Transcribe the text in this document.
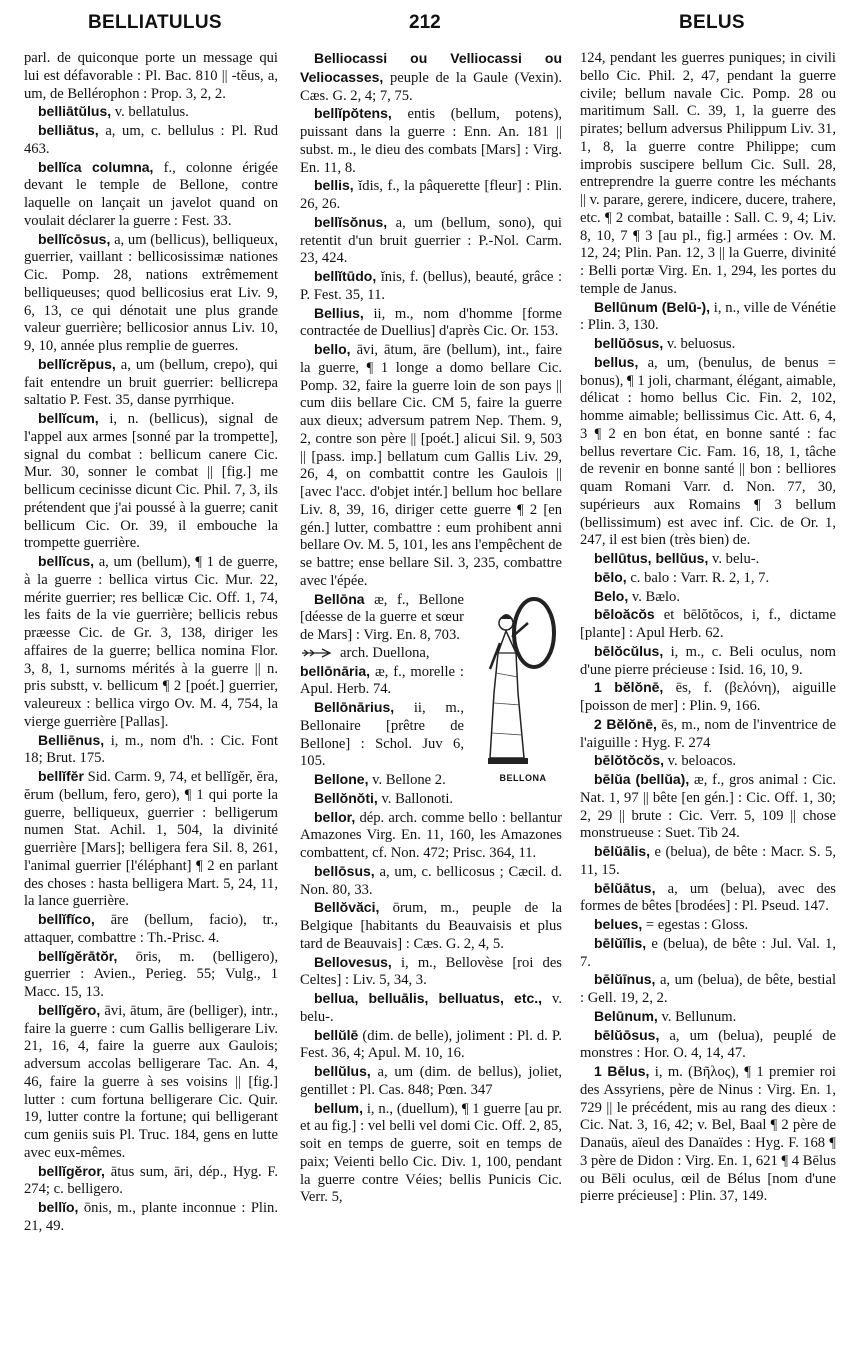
BELLIATULUS	212	BELUS

parl. de quiconque porte un message qui lui est défavorable : Pl. Bac. 810 || -tĕus, a, um, de Bellérophon : Prop. 3, 2, 2.

belliātŭlus, v. bellatulus.

belliātus, a, um, c. bellulus : Pl. Rud 463.

bellĭca columna, f., colonne érigée devant le temple de Bellone, contre laquelle on lançait un javelot quand on voulait déclarer la guerre : Fest. 33.

bellĭcōsus, a, um (bellicus), belliqueux, guerrier, vaillant : bellicosissimæ nationes Cic. Pomp. 28, nations extrêmement belliqueuses; quod bellicosius erat Liv. 9, 6, 13, ce qui dénotait une plus grande valeur guerrière; bellicosior annus Liv. 10, 9, 10, année plus remplie de guerres.

bellĭcrĕpus, a, um (bellum, crepo), qui fait entendre un bruit guerrier: bellicrepa saltatio P. Fest. 35, danse pyrrhique.

bellĭcum, i, n. (bellicus), signal de l'appel aux armes [sonné par la trompette], signal du combat : bellicum canere Cic. Mur. 30, sonner le combat || [fig.] me bellicum cecinisse dicunt Cic. Phil. 7, 3, ils prétendent que j'ai poussé à la guerre; canit bellicum Cic. Or. 39, il embouche la trompette guerrière.

bellĭcus, a, um (bellum), ¶ 1 de guerre, à la guerre : bellica virtus Cic. Mur. 22, mérite guerrier; res bellicæ Cic. Off. 1, 74, les faits de la vie guerrière; bellicis rebus præesse Cic. de Gr. 3, 138, diriger les affaires de la guerre; bellica nomina Flor. 3, 8, 1, surnoms mérités à la guerre || n. pris substt, v. bellicum ¶ 2 [poét.] guerrier, valeureux : bellica virgo Ov. M. 4, 754, la vierge guerrière [Pallas].

Belliēnus, i, m., nom d'h. : Cic. Font 18; Brut. 175.

bellĭfĕr Sid. Carm. 9, 74, et bellĭgĕr, ĕra, ĕrum (bellum, fero, gero), ¶ 1 qui porte la guerre, belliqueux, guerrier : belligerum numen Stat. Achil. 1, 504, la divinité guerrière [Mars]; belligera fera Sil. 8, 261, l'animal guerrier [l'éléphant] ¶ 2 en parlant des choses : hasta belligera Mart. 5, 24, 11, la lance guerrière.

bellĭfĭco, āre (bellum, facio), tr., attaquer, combattre : Th.-Prisc. 4.

bellĭgĕrātŏr, ōris, m. (belligero), guerrier : Avien., Perieg. 55; Vulg., 1 Macc. 15, 13.

bellĭgĕro, āvi, ātum, āre (belliger), intr., faire la guerre : cum Gallis belligerare Liv. 21, 16, 4, faire la guerre aux Gaulois; adversum accolas belligerare Tac. An. 4, 46, faire la guerre à ses voisins || [fig.] lutter : cum fortuna belligerare Cic. Quir. 19, lutter contre la fortune; qui belligerant cum geniis suis Pl. Truc. 184, gens en lutte avec eux-mêmes.

bellĭgĕror, ātus sum, āri, dép., Hyg. F. 274; c. belligero.

bellĭo, ōnis, m., plante inconnue : Plin. 21, 49.

Belliocassi ou Velliocassi ou Veliocasses, peuple de la Gaule (Vexin). Cæs. G. 2, 4; 7, 75.

bellĭpŏtens, entis (bellum, potens), puissant dans la guerre : Enn. An. 181 || subst. m., le dieu des combats [Mars] : Virg. En. 11, 8.

bellis, ĭdis, f., la pâquerette [fleur] : Plin. 26, 26.

bellĭsŏnus, a, um (bellum, sono), qui retentit d'un bruit guerrier : P.-Nol. Carm. 23, 424.

bellĭtūdo, ĭnis, f. (bellus), beauté, grâce : P. Fest. 35, 11.

Bellius, ii, m., nom d'homme [forme contractée de Duellius] d'après Cic. Or. 153.

bello, āvi, ātum, āre (bellum), int., faire la guerre, ¶ 1 longe a domo bellare Cic. Pomp. 32, faire la guerre loin de son pays || cum diis bellare Cic. CM 5, faire la guerre aux dieux; adversum patrem Nep. Them. 9, 2, contre son père || [poét.] alicui Sil. 9, 503 || [pass. imp.] bellatum cum Gallis Liv. 29, 26, 4, on combattit contre les Gaulois || [avec l'acc. d'objet intér.] bellum hoc bellare Liv. 8, 39, 16, diriger cette guerre ¶ 2 [en gén.] lutter, combattre : eum prohibent anni bellare Ov. M. 5, 101, les ans l'empêchent de se battre; ense bellare Sil. 3, 235, combattre avec l'épée.

BELLONA
Bellōna æ, f., Bellone [déesse de la guerre et sœur de Mars] : Virg. En. 8, 703.

arch. Duellona,

bellōnāria, æ, f., morelle : Apul. Herb. 74.

Bellōnārius, ii, m., Bellonaire [prêtre de Bellone] : Schol. Juv 6, 105.

Bellone, v. Bellone 2.

Bellŏnŏti, v. Ballonoti.

bellor, dép. arch. comme bello : bellantur Amazones Virg. En. 11, 160, les Amazones combattent, cf. Non. 472; Prisc. 364, 11.

bellōsus, a, um, c. bellicosus ; Cæcil. d. Non. 80, 33.

Bellŏvăci, ōrum, m., peuple de la Belgique [habitants du Beauvaisis et plus tard de Beauvais] : Cæs. G. 2, 4, 5.

Bellovesus, i, m., Bellovèse [roi des Celtes] : Liv. 5, 34, 3.

bellua, belluālis, belluatus, etc., v. belu-.

bellŭlē (dim. de belle), joliment : Pl. d. P. Fest. 36, 4; Apul. M. 10, 16.

bellŭlus, a, um (dim. de bellus), joliet, gentillet : Pl. Cas. 848; Pœn. 347

bellum, i, n., (duellum), ¶ 1 guerre [au pr. et au fig.] : vel belli vel domi Cic. Off. 2, 85, soit en temps de guerre, soit en temps de paix; Veienti bello Cic. Div. 1, 100, pendant la guerre contre Véies; bellis Punicis Cic. Verr. 5,

124, pendant les guerres puniques; in civili bello Cic. Phil. 2, 47, pendant la guerre civile; bellum navale Cic. Pomp. 28 ou maritimum Sall. C. 39, 1, la guerre des pirates; bellum adversus Philippum Liv. 31, 1, 8, la guerre contre Philippe; cum improbis suscipere bellum Cic. Sull. 28, entreprendre la guerre contre les méchants || v. parare, gerere, indicere, ducere, trahere, etc. ¶ 2 combat, bataille : Sall. C. 9, 4; Liv. 8, 10, 7 ¶ 3 [au pl., fig.] armées : Ov. M. 12, 24; Plin. Pan. 12, 3 || la Guerre, divinité : Belli portæ Virg. En. 1, 294, les portes du temple de Janus.

Bellūnum (Belū-), i, n., ville de Vénétie : Plin. 3, 130.

bellŭōsus, v. beluosus.

bellus, a, um, (benulus, de benus = bonus), ¶ 1 joli, charmant, élégant, aimable, délicat : homo bellus Cic. Fin. 2, 102, homme aimable; bellissimus Cic. Att. 6, 4, 3 ¶ 2 en bon état, en bonne santé : fac bellus revertare Cic. Fam. 16, 18, 1, tâche de revenir en bonne santé || bon : belliores quam Romani Varr. d. Non. 77, 30, supérieurs aux Romains ¶ 3 bellum (bellissimum) est avec inf. Cic. de Or. 1, 247, il est bien (très bien) de.

bellūtus, bellŭus, v. belu-.

bēlo, c. balo : Varr. R. 2, 1, 7.

Belo, v. Bælo.

bēloăcŏs et bēlŏtŏcos, i, f., dictame [plante] : Apul Herb. 62.

bēlŏcŭlus, i, m., c. Beli oculus, nom d'une pierre précieuse : Isid. 16, 10, 9.

1 bĕlŏnē, ēs, f. (βελόνη), aiguille [poisson de mer] : Plin. 9, 166.

2 Bĕlŏnē, ēs, m., nom de l'inventrice de l'aiguille : Hyg. F. 274

bēlŏtŏcŏs, v. beloacos.

bēlŭa (bellŭa), æ, f., gros animal : Cic. Nat. 1, 97 || bête [en gén.] : Cic. Off. 1, 30; 2, 29 || brute : Cic. Verr. 5, 109 || chose monstrueuse : Suet. Tib 24.

bēlŭālis, e (belua), de bête : Macr. S. 5, 11, 15.

bēlŭātus, a, um (belua), avec des formes de bêtes [brodées] : Pl. Pseud. 147.

belues, = egestas : Gloss.

bēlŭĭlis, e (belua), de bête : Jul. Val. 1, 7.

bēlŭīnus, a, um (belua), de bête, bestial : Gell. 19, 2, 2.

Belūnum, v. Bellunum.

bēlŭōsus, a, um (belua), peuplé de monstres : Hor. O. 4, 14, 47.

1 Bēlus, i, m. (Βῆλος), ¶ 1 premier roi des Assyriens, père de Ninus : Virg. En. 1, 729 || le précédent, mis au rang des dieux : Cic. Nat. 3, 16, 42; v. Bel, Baal ¶ 2 père de Danaüs, aïeul des Danaïdes : Hyg. F. 168 ¶ 3 père de Didon : Virg. En. 1, 621 ¶ 4 Bēlus ou Bēli oculus, œil de Bélus [nom d'une pierre précieuse] : Plin. 37, 149.
